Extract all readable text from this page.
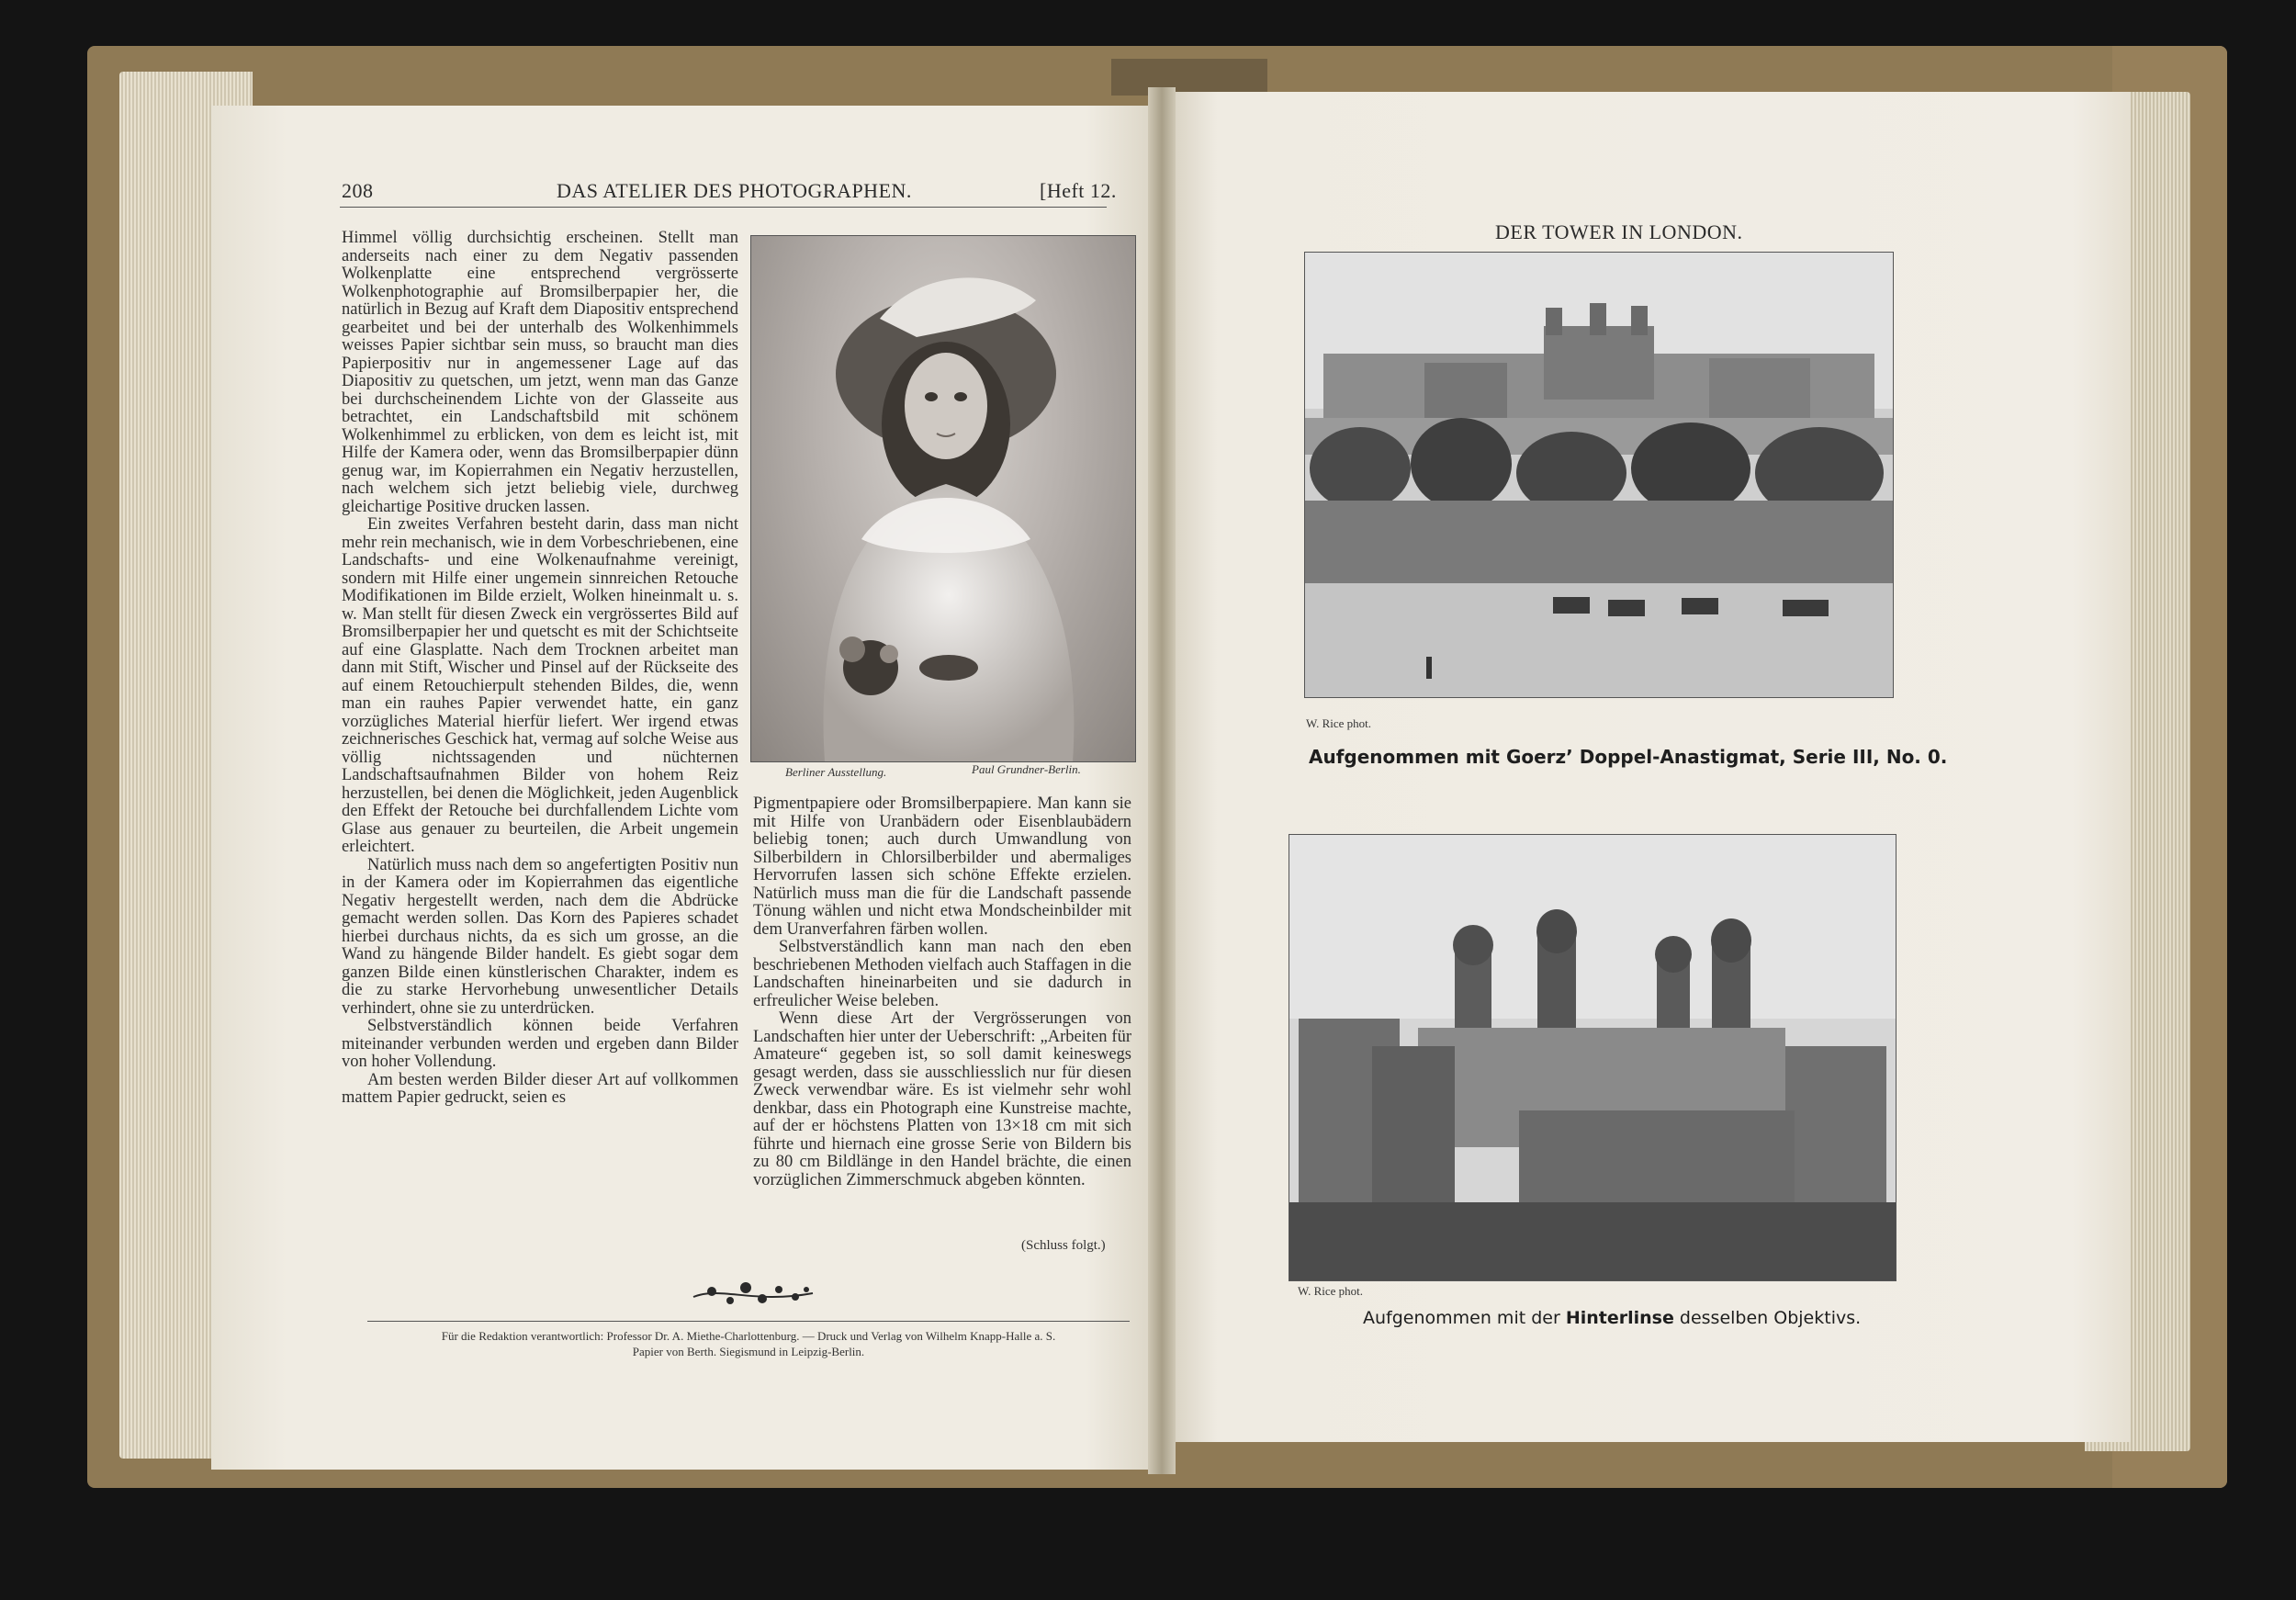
208	DAS ATELIER DES PHOTOGRAPHEN.	[Heft 12.

Himmel völlig durchsichtig erscheinen. Stellt man anderseits nach einer zu dem Negativ passenden Wolkenplatte eine entsprechend vergrösserte Wolkenphotographie auf Bromsilberpapier her, die natürlich in Bezug auf Kraft dem Diapositiv entsprechend gearbeitet und bei der unterhalb des Wolkenhimmels weisses Papier sichtbar sein muss, so braucht man dies Papierpositiv nur in angemessener Lage auf das Diapositiv zu quetschen, um jetzt, wenn man das Ganze bei durchscheinendem Lichte von der Glasseite aus betrachtet, ein Landschaftsbild mit schönem Wolkenhimmel zu erblicken, von dem es leicht ist, mit Hilfe der Kamera oder, wenn das Bromsilberpapier dünn genug war, im Kopierrahmen ein Negativ herzustellen, nach welchem sich jetzt beliebig viele, durchweg gleichartige Positive drucken lassen.

Ein zweites Verfahren besteht darin, dass man nicht mehr rein mechanisch, wie in dem Vorbeschriebenen, eine Landschafts- und eine Wolkenaufnahme vereinigt, sondern mit Hilfe einer ungemein sinnreichen Retouche Modifikationen im Bilde erzielt, Wolken hineinmalt u. s. w. Man stellt für diesen Zweck ein vergrössertes Bild auf Bromsilberpapier her und quetscht es mit der Schichtseite auf eine Glasplatte. Nach dem Trocknen arbeitet man dann mit Stift, Wischer und Pinsel auf der Rückseite des auf einem Retouchierpult stehenden Bildes, die, wenn man ein rauhes Papier verwendet hatte, ein ganz vorzügliches Material hierfür liefert. Wer irgend etwas zeichnerisches Geschick hat, vermag auf solche Weise aus völlig nichtssagenden und nüchternen Landschaftsaufnahmen Bilder von hohem Reiz herzustellen, bei denen die Möglichkeit, jeden Augenblick den Effekt der Retouche bei durchfallendem Lichte vom Glase aus genauer zu beurteilen, die Arbeit ungemein erleichtert.

Natürlich muss nach dem so angefertigten Positiv nun in der Kamera oder im Kopierrahmen das eigentliche Negativ hergestellt werden, nach dem die Abdrücke gemacht werden sollen. Das Korn des Papieres schadet hierbei durchaus nichts, da es sich um grosse, an die Wand zu hängende Bilder handelt. Es giebt sogar dem ganzen Bilde einen künstlerischen Charakter, indem es die zu starke Hervorhebung unwesentlicher Details verhindert, ohne sie zu unterdrücken.

Selbstverständlich können beide Verfahren miteinander verbunden werden und ergeben dann Bilder von hoher Vollendung.

Am besten werden Bilder dieser Art auf vollkommen mattem Papier gedruckt, seien es

Berliner Ausstellung.	Paul Grundner-Berlin.

Pigmentpapiere oder Bromsilberpapiere. Man kann sie mit Hilfe von Uranbädern oder Eisenblaubädern beliebig tonen; auch durch Umwandlung von Silberbildern in Chlorsilberbilder und abermaliges Hervorrufen lassen sich schöne Effekte erzielen. Natürlich muss man die für die Landschaft passende Tönung wählen und nicht etwa Mondscheinbilder mit dem Uranverfahren färben wollen.

Selbstverständlich kann man nach den eben beschriebenen Methoden vielfach auch Staffagen in die Landschaften hineinarbeiten und sie dadurch in erfreulicher Weise beleben.

Wenn diese Art der Vergrösserungen von Landschaften hier unter der Ueberschrift: „Arbeiten für Amateure“ gegeben ist, so soll damit keineswegs gesagt werden, dass sie ausschliesslich nur für diesen Zweck verwendbar wäre. Es ist vielmehr sehr wohl denkbar, dass ein Photograph eine Kunstreise machte, auf der er höchstens Platten von 13×18 cm mit sich führte und hiernach eine grosse Serie von Bildern bis zu 80 cm Bildlänge in den Handel brächte, die einen vorzüglichen Zimmerschmuck abgeben könnten.

(Schluss folgt.)
Für die Redaktion verantwortlich: Professor Dr. A. Miethe-Charlottenburg. — Druck und Verlag von Wilhelm Knapp-Halle a. S.
Papier von Berth. Siegismund in Leipzig-Berlin.
DER TOWER IN LONDON.
W. Rice phot.
Aufgenommen mit Goerz’ Doppel-Anastigmat, Serie III, No. 0.
W. Rice phot.
Aufgenommen mit der Hinterlinse desselben Objektivs.
